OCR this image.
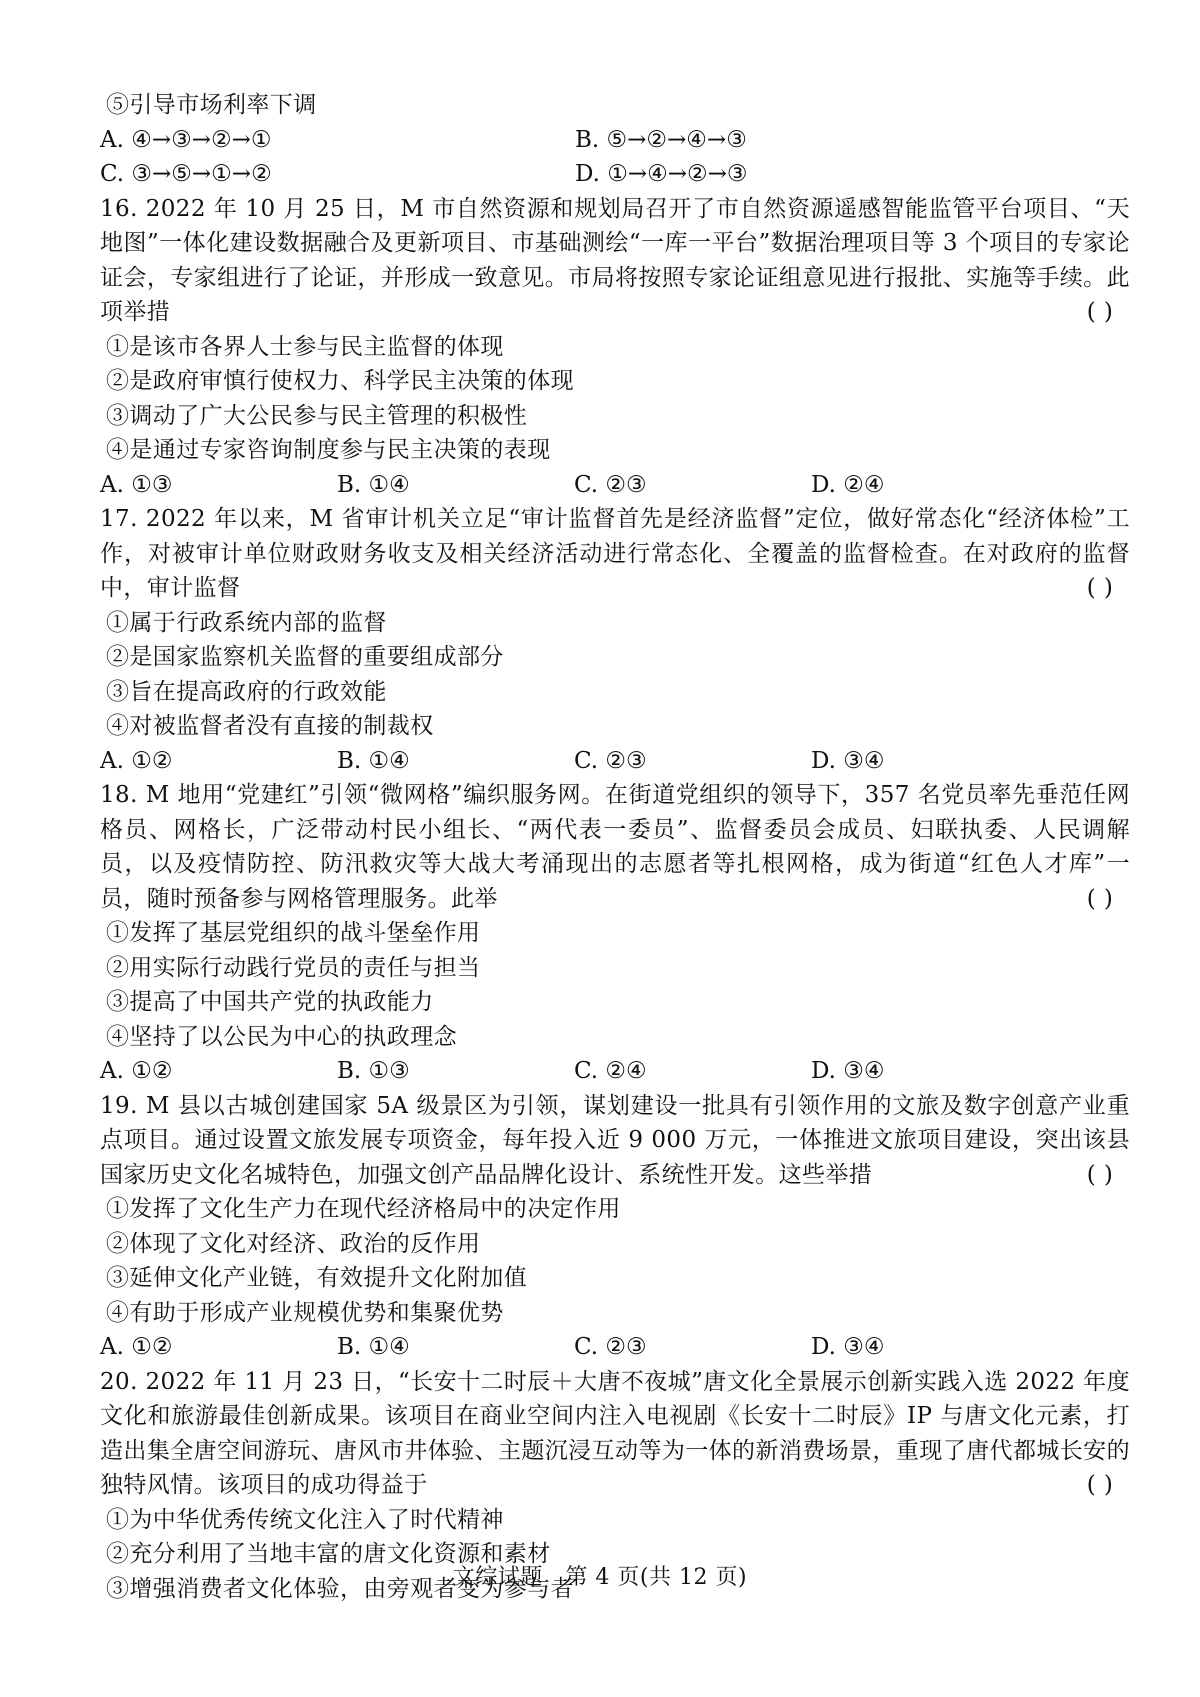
⑤引导市场利率下调
A. ④→③→②→①	B. ⑤→②→④→③
C. ③→⑤→①→②	D. ①→④→②→③
16. 2022 年 10 月 25 日，M 市自然资源和规划局召开了市自然资源遥感智能监管平台项目、“天地图”一体化建设数据融合及更新项目、市基础测绘“一库一平台”数据治理项目等 3 个项目的专家论证会，专家组进行了论证，并形成一致意见。市局将按照专家论证组意见进行报批、实施等手续。此项举措	( )
①是该市各界人士参与民主监督的体现
②是政府审慎行使权力、科学民主决策的体现
③调动了广大公民参与民主管理的积极性
④是通过专家咨询制度参与民主决策的表现
A. ①③	B. ①④	C. ②③	D. ②④
17. 2022 年以来，M 省审计机关立足“审计监督首先是经济监督”定位，做好常态化“经济体检”工作，对被审计单位财政财务收支及相关经济活动进行常态化、全覆盖的监督检查。在对政府的监督中，审计监督	( )
①属于行政系统内部的监督
②是国家监察机关监督的重要组成部分
③旨在提高政府的行政效能
④对被监督者没有直接的制裁权
A. ①②	B. ①④	C. ②③	D. ③④
18. M 地用“党建红”引领“微网格”编织服务网。在街道党组织的领导下，357 名党员率先垂范任网格员、网格长，广泛带动村民小组长、“两代表一委员”、监督委员会成员、妇联执委、人民调解员，以及疫情防控、防汛救灾等大战大考涌现出的志愿者等扎根网格，成为街道“红色人才库”一员，随时预备参与网格管理服务。此举	( )
①发挥了基层党组织的战斗堡垒作用
②用实际行动践行党员的责任与担当
③提高了中国共产党的执政能力
④坚持了以公民为中心的执政理念
A. ①②	B. ①③	C. ②④	D. ③④
19. M 县以古城创建国家 5A 级景区为引领，谋划建设一批具有引领作用的文旅及数字创意产业重点项目。通过设置文旅发展专项资金，每年投入近 9 000 万元，一体推进文旅项目建设，突出该县国家历史文化名城特色，加强文创产品品牌化设计、系统性开发。这些举措	( )
①发挥了文化生产力在现代经济格局中的决定作用
②体现了文化对经济、政治的反作用
③延伸文化产业链，有效提升文化附加值
④有助于形成产业规模优势和集聚优势
A. ①②	B. ①④	C. ②③	D. ③④
20. 2022 年 11 月 23 日，“长安十二时辰＋大唐不夜城”唐文化全景展示创新实践入选 2022 年度文化和旅游最佳创新成果。该项目在商业空间内注入电视剧《长安十二时辰》IP 与唐文化元素，打造出集全唐空间游玩、唐风市井体验、主题沉浸互动等为一体的新消费场景，重现了唐代都城长安的独特风情。该项目的成功得益于	( )
①为中华优秀传统文化注入了时代精神
②充分利用了当地丰富的唐文化资源和素材
③增强消费者文化体验，由旁观者变为参与者
文综试题　第 4 页(共 12 页)
